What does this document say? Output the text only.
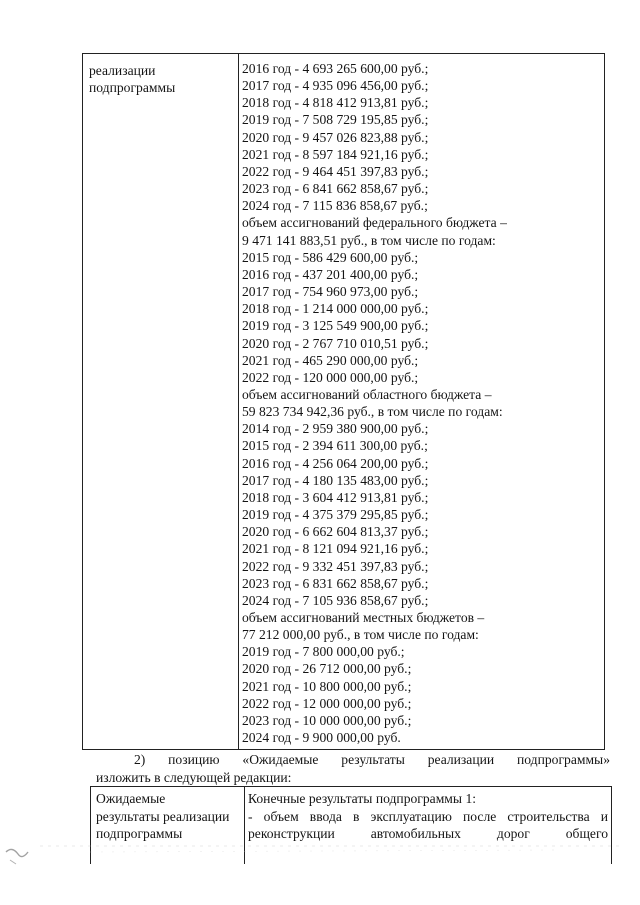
реализации
подпрограммы
2016 год - 4 693 265 600,00 руб.;
2017 год - 4 935 096 456,00 руб.;
2018 год - 4 818 412 913,81 руб.;
2019 год - 7 508 729 195,85 руб.;
2020 год - 9 457 026 823,88 руб.;
2021 год - 8 597 184 921,16 руб.;
2022 год - 9 464 451 397,83 руб.;
2023 год - 6 841 662 858,67 руб.;
2024 год - 7 115 836 858,67 руб.;
объем ассигнований федерального бюджета –
9 471 141 883,51 руб., в том числе по годам:
2015 год - 586 429 600,00 руб.;
2016 год - 437 201 400,00 руб.;
2017 год - 754 960 973,00 руб.;
2018 год - 1 214 000 000,00 руб.;
2019 год - 3 125 549 900,00 руб.;
2020 год - 2 767 710 010,51 руб.;
2021 год - 465 290 000,00 руб.;
2022 год - 120 000 000,00 руб.;
объем ассигнований областного бюджета –
59 823 734 942,36 руб., в том числе по годам:
2014 год - 2 959 380 900,00 руб.;
2015 год - 2 394 611 300,00 руб.;
2016 год - 4 256 064 200,00 руб.;
2017 год - 4 180 135 483,00 руб.;
2018 год - 3 604 412 913,81 руб.;
2019 год - 4 375 379 295,85 руб.;
2020 год - 6 662 604 813,37 руб.;
2021 год - 8 121 094 921,16 руб.;
2022 год - 9 332 451 397,83 руб.;
2023 год - 6 831 662 858,67 руб.;
2024 год - 7 105 936 858,67 руб.;
объем ассигнований местных бюджетов –
77 212 000,00 руб., в том числе по годам:
2019 год - 7 800 000,00 руб.;
2020 год - 26 712 000,00 руб.;
2021 год - 10 800 000,00 руб.;
2022 год - 12 000 000,00 руб.;
2023 год - 10 000 000,00 руб.;
2024 год - 9 900 000,00 руб.
2) позицию «Ожидаемые результаты реализации подпрограммы»
изложить в следующей редакции:
Ожидаемые
результаты реализации
подпрограммы
Конечные результаты подпрограммы 1:
- объем ввода в эксплуатацию после строительства и
реконструкции автомобильных дорог общего
